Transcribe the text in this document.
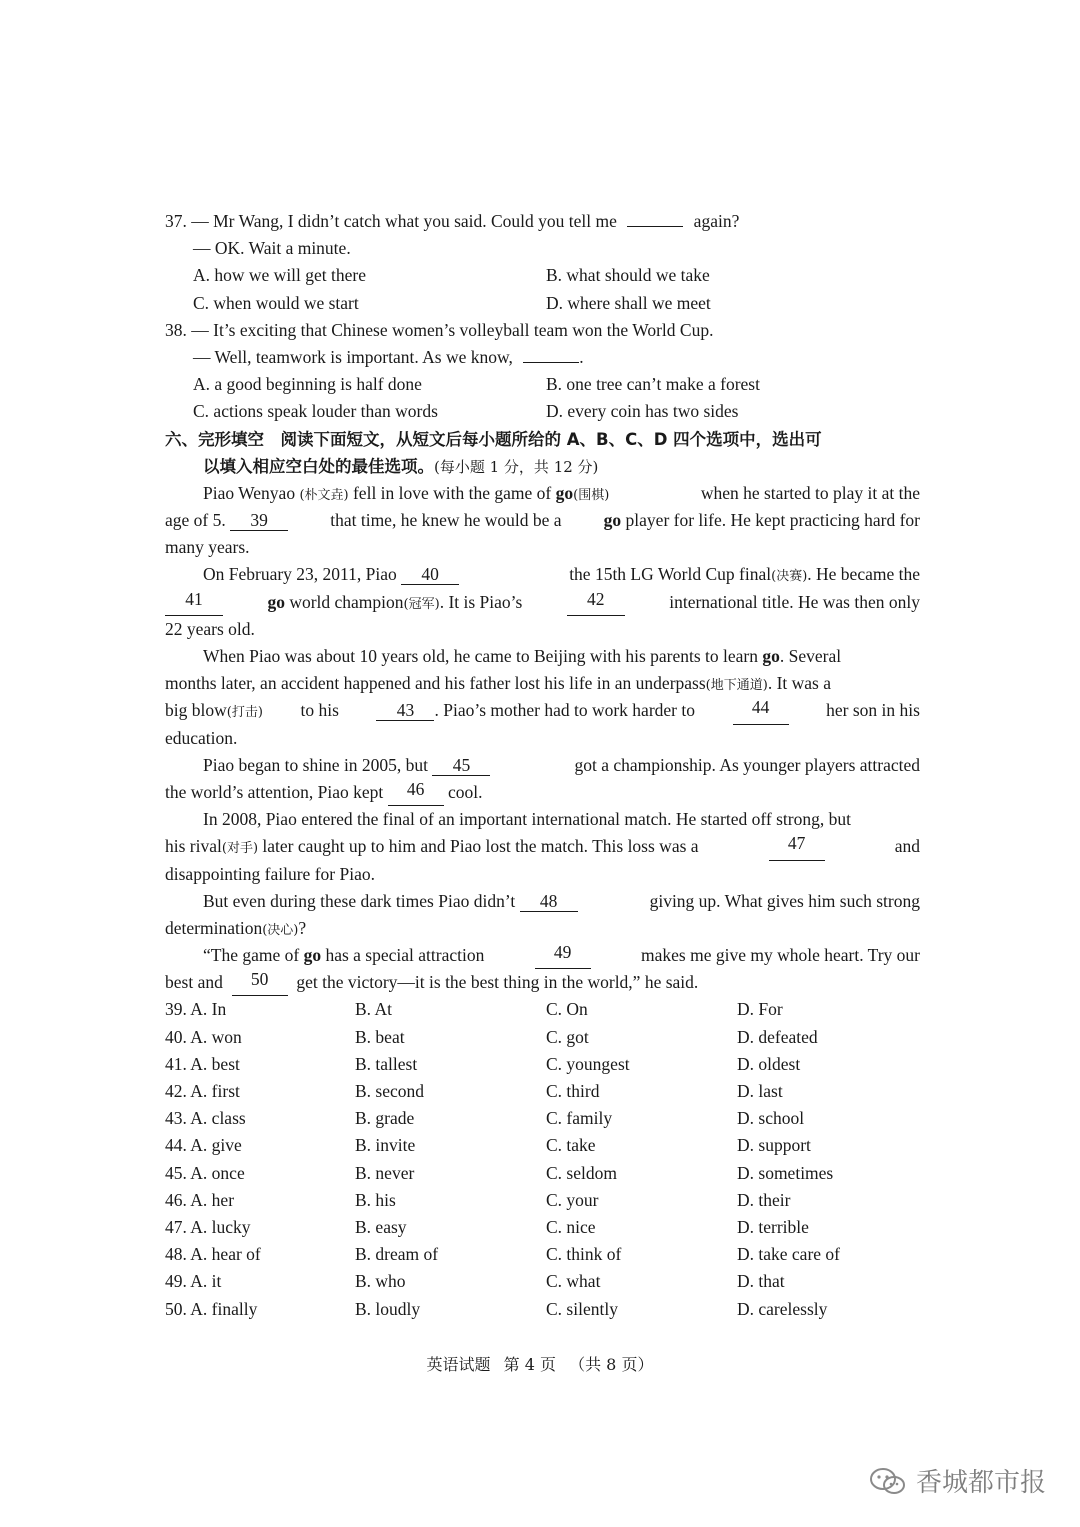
37. — Mr Wang, I didn’t catch what you said. Could you tell me	again?
— OK. Wait a minute.
A. how we will get there	B. what should we take
C. when would we start	D. where shall we meet
38. — It’s exciting that Chinese women’s volleyball team won the World Cup.
— Well, teamwork is important. As we know,	.
A. a good beginning is half done	B. one tree can’t make a forest
C. actions speak louder than words	D. every coin has two sides
六、完形填空　阅读下面短文，从短文后每小题所给的 A、B、C、D 四个选项中，选出可
以填入相应空白处的最佳选项。(每小题 1 分，共 12 分)
Piao Wenyao (朴文垚) fell in love with the game of go(围棋)	when he started to play it at the
age of 5. 39	that time, he knew he would be a go player for life. He kept practicing hard for
many years.
On February 23, 2011, Piao 40	the 15th LG World Cup final(决赛). He became the
41	go world champion(冠军). It is Piao’s	42	international title. He was then only
22 years old.
When Piao was about 10 years old, he came to Beijing with his parents to learn go. Several
months later, an accident happened and his father lost his life in an underpass(地下通道). It was a
big blow(打击) to his	43 . Piao’s mother had to work harder to	44	her son in his
education.
Piao began to shine in 2005, but 45	got a championship. As younger players attracted
the world’s attention, Piao kept
	46
	cool.
In 2008, Piao entered the final of an important international match. He started off strong, but
his rival(对手) later caught up to him and Piao lost the match. This loss was a	47	and
disappointing failure for Piao.
But even during these dark times Piao didn’t 48	giving up. What gives him such strong
determination(决心)?
“The game of go has a special attraction	49	makes me give my whole heart. Try our
best and
	50
	get the victory—it is the best thing in the world,” he said.
39. A. In	B. At	C. On	D. For
40. A. won	B. beat	C. got	D. defeated
41. A. best	B. tallest	C. youngest	D. oldest
42. A. first	B. second	C. third	D. last
43. A. class	B. grade	C. family	D. school
44. A. give	B. invite	C. take	D. support
45. A. once	B. never	C. seldom	D. sometimes
46. A. her	B. his	C. your	D. their
47. A. lucky	B. easy	C. nice	D. terrible
48. A. hear of	B. dream of	C. think of	D. take care of
49. A. it	B. who	C. what	D. that
50. A. finally	B. loudly	C. silently	D. carelessly
英语试题 第 4 页 （共 8 页）
香城都市报
